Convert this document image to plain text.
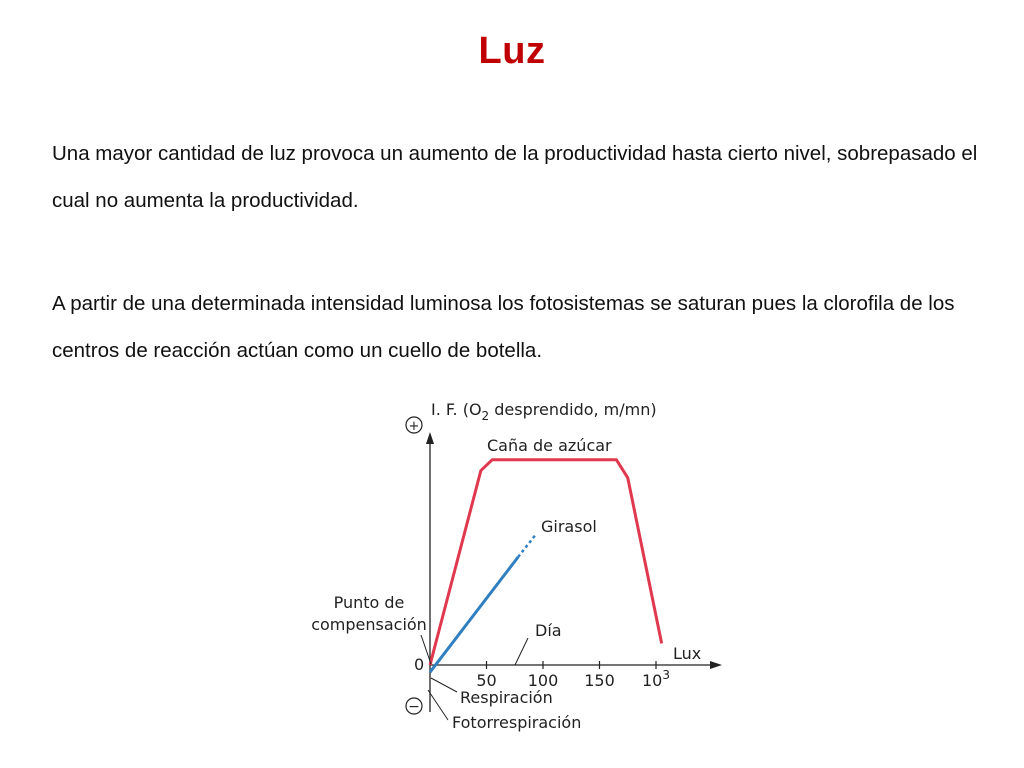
Luz
Una mayor cantidad de luz provoca un aumento de la productividad hasta cierto nivel, sobrepasado el cual no aumenta la productividad.
A partir de una determinada intensidad luminosa los fotosistemas se saturan pues la clorofila de los centros de reacción actúan como un cuello de botella.
+
−
I. F. ($O_2$ desprendido, m/mn)
Lux
0
50 100 150 $10^3$
Punto de
compensación	Día
Respiración
Fotorrespiración
Caña de azúcar
Girasol
